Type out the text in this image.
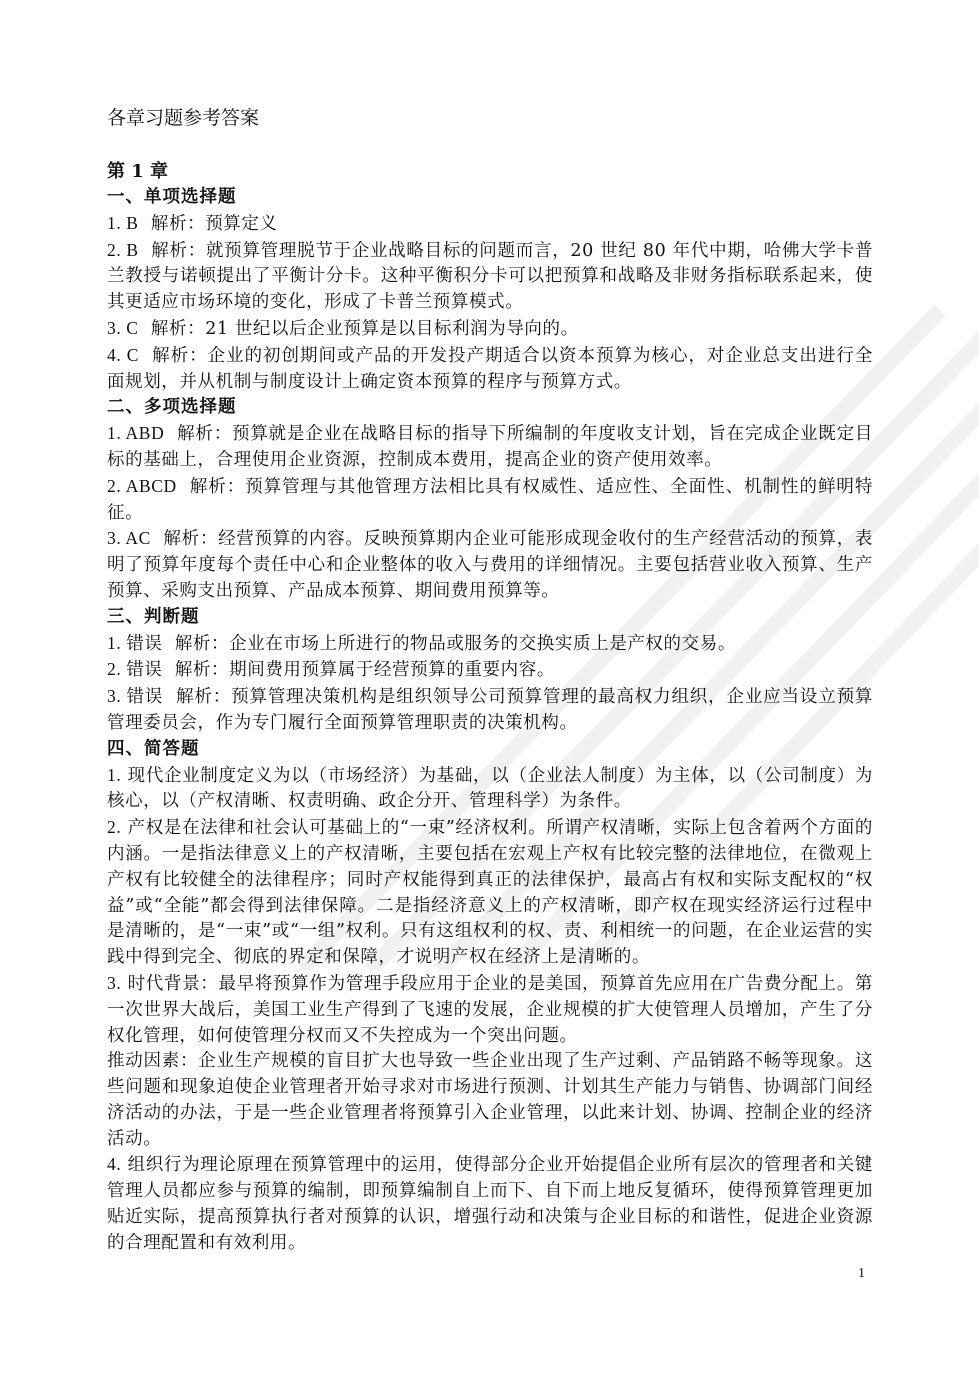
各章习题参考答案
第 1 章
一、单项选择题
1. B 解析：预算定义
2. B 解析：就预算管理脱节于企业战略目标的问题而言，20 世纪 80 年代中期，哈佛大学卡普兰教授与诺顿提出了平衡计分卡。这种平衡积分卡可以把预算和战略及非财务指标联系起来，使其更适应市场环境的变化，形成了卡普兰预算模式。
3. C 解析：21 世纪以后企业预算是以目标利润为导向的。
4. C 解析：企业的初创期间或产品的开发投产期适合以资本预算为核心，对企业总支出进行全面规划，并从机制与制度设计上确定资本预算的程序与预算方式。
二、多项选择题
1. ABD 解析：预算就是企业在战略目标的指导下所编制的年度收支计划，旨在完成企业既定目标的基础上，合理使用企业资源，控制成本费用，提高企业的资产使用效率。
2. ABCD 解析：预算管理与其他管理方法相比具有权威性、适应性、全面性、机制性的鲜明特征。
3. AC 解析：经营预算的内容。反映预算期内企业可能形成现金收付的生产经营活动的预算，表明了预算年度每个责任中心和企业整体的收入与费用的详细情况。主要包括营业收入预算、生产预算、采购支出预算、产品成本预算、期间费用预算等。
三、判断题
1. 错误 解析：企业在市场上所进行的物品或服务的交换实质上是产权的交易。
2. 错误 解析：期间费用预算属于经营预算的重要内容。
3. 错误 解析：预算管理决策机构是组织领导公司预算管理的最高权力组织，企业应当设立预算管理委员会，作为专门履行全面预算管理职责的决策机构。
四、简答题
1. 现代企业制度定义为以（市场经济）为基础，以（企业法人制度）为主体，以（公司制度）为核心，以（产权清晰、权责明确、政企分开、管理科学）为条件。
2. 产权是在法律和社会认可基础上的“一束”经济权利。所谓产权清晰，实际上包含着两个方面的内涵。一是指法律意义上的产权清晰，主要包括在宏观上产权有比较完整的法律地位，在微观上产权有比较健全的法律程序；同时产权能得到真正的法律保护，最高占有权和实际支配权的“权益”或“全能”都会得到法律保障。二是指经济意义上的产权清晰，即产权在现实经济运行过程中是清晰的，是“一束”或“一组”权利。只有这组权利的权、责、利相统一的问题，在企业运营的实践中得到完全、彻底的界定和保障，才说明产权在经济上是清晰的。
3. 时代背景：最早将预算作为管理手段应用于企业的是美国，预算首先应用在广告费分配上。第一次世界大战后，美国工业生产得到了飞速的发展，企业规模的扩大使管理人员增加，产生了分权化管理，如何使管理分权而又不失控成为一个突出问题。
推动因素：企业生产规模的盲目扩大也导致一些企业出现了生产过剩、产品销路不畅等现象。这些问题和现象迫使企业管理者开始寻求对市场进行预测、计划其生产能力与销售、协调部门间经济活动的办法，于是一些企业管理者将预算引入企业管理，以此来计划、协调、控制企业的经济活动。
4. 组织行为理论原理在预算管理中的运用，使得部分企业开始提倡企业所有层次的管理者和关键管理人员都应参与预算的编制，即预算编制自上而下、自下而上地反复循环，使得预算管理更加贴近实际，提高预算执行者对预算的认识，增强行动和决策与企业目标的和谐性，促进企业资源的合理配置和有效利用。
1
